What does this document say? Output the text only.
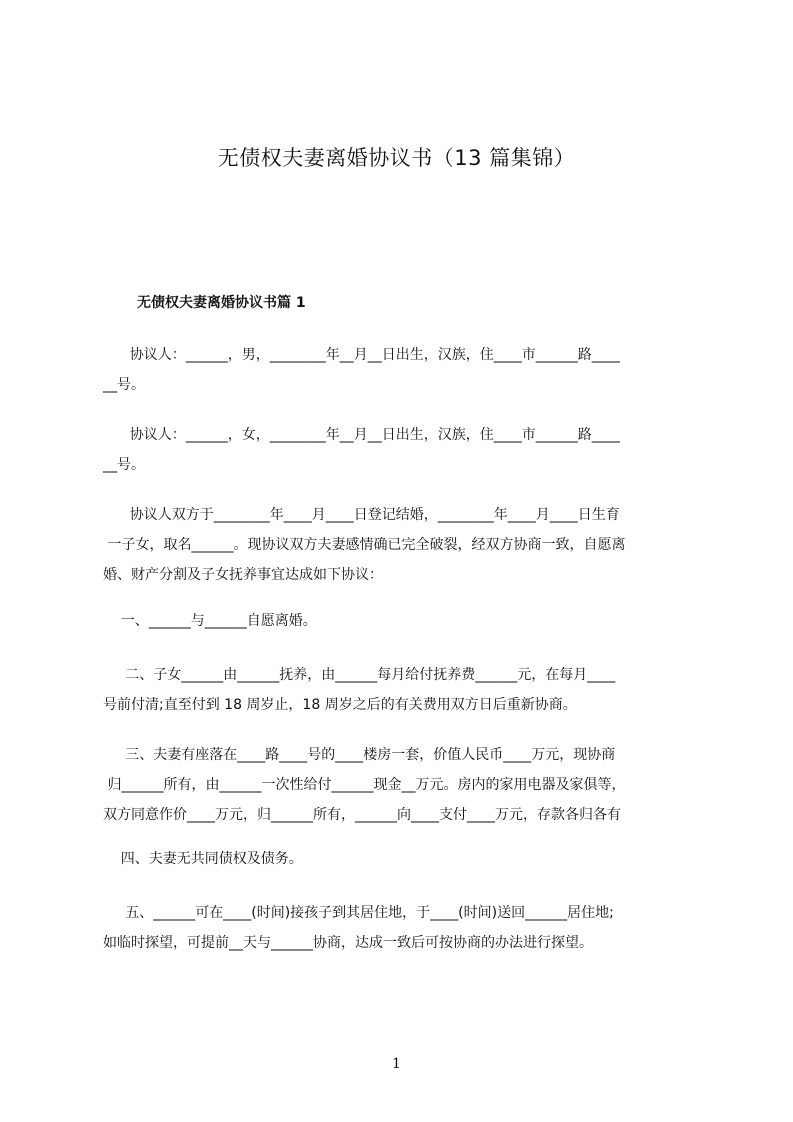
无债权夫妻离婚协议书（13 篇集锦）
无债权夫妻离婚协议书篇 1
协议人：______，男，________年__月__日出生，汉族，住____市______路____
__号。
协议人：______，女，________年__月__日出生，汉族，住____市______路____
__号。
协议人双方于________年____月____日登记结婚，________年____月____日生育
一子女，取名______。现协议双方夫妻感情确已完全破裂，经双方协商一致，自愿离
婚、财产分割及子女抚养事宜达成如下协议：
一、______与______自愿离婚。
二、子女______由______抚养，由______每月给付抚养费______元，在每月____
号前付清;直至付到 18 周岁止，18 周岁之后的有关费用双方日后重新协商。
三、夫妻有座落在____路____号的____楼房一套，价值人民币____万元，现协商
归______所有，由______一次性给付______现金__万元。房内的家用电器及家俱等，
双方同意作价____万元，归______所有，______向____支付____万元，存款各归各有
四、夫妻无共同债权及债务。
五、______可在____(时间)接孩子到其居住地，于____(时间)送回______居住地;
如临时探望，可提前__天与______协商，达成一致后可按协商的办法进行探望。
1
